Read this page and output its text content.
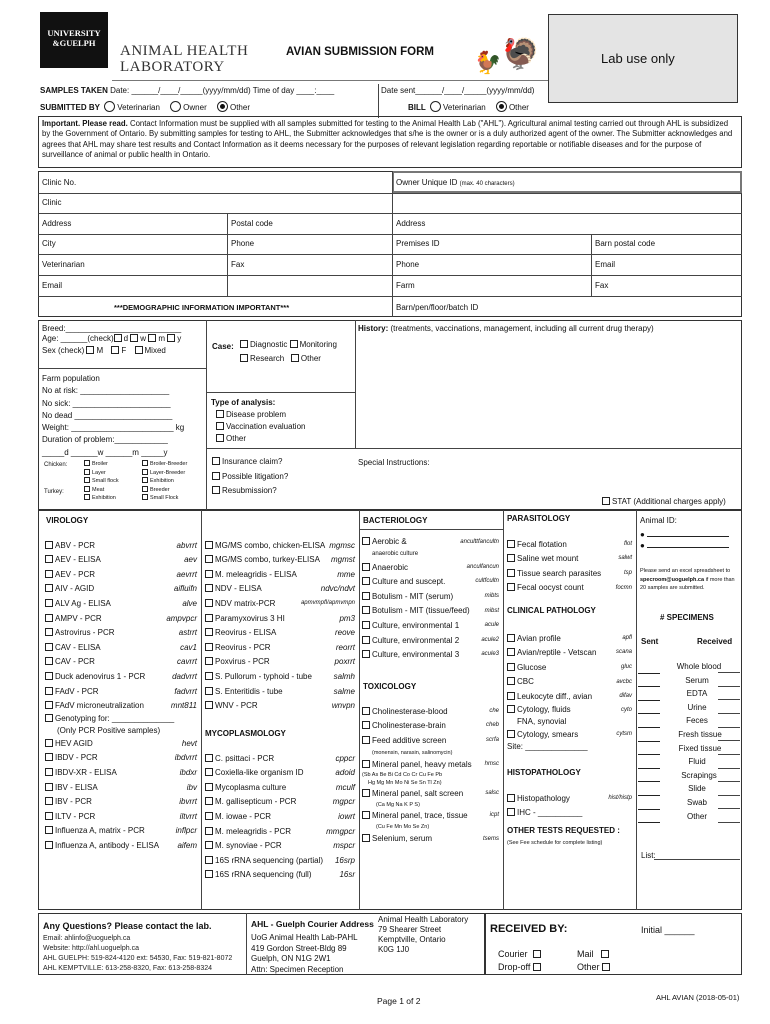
UNIVERSITY
&GUELPH	ANIMAL HEALTH
LABORATORY
AVIAN SUBMISSION FORM 🐓 🦃	Lab use only
SAMPLES TAKEN Date: ______/____/_____(yyyy/mm/dd) Time of day ____:____	Date sent______/____/_____(yyyy/mm/dd)
SUBMITTED BY Veterinarian	Owner	Other	BILL Veterinarian	Other
Important. Please read. Contact Information must be supplied with all samples submitted for testing to the Animal Health Lab ("AHL"). Agricultural animal testing carried out through AHL is subsidized by the Government of Ontario. By submitting samples for testing to AHL, the Submitter acknowledges that s/he is the owner or is a duly authorized agent of the owner. The Submitter acknowledges and agrees that AHL may share test results and Contact Information as it deems necessary for the purposes of relevant legislation regarding reportable or notifiable diseases and for the purpose of surveillance of animal or public health in Ontario.
Clinic No.	Owner Unique ID (max. 40 characters)
Clinic
Address	Postal code	Address
City	Phone	Premises ID	Barn postal code
Veterinarian	Fax	Phone	Email
Email	Farm	Fax
***DEMOGRAPHIC INFORMATION IMPORTANT***	Barn/pen/floor/batch ID
Breed:__________________________
Age: ______(check) d w m y
Sex (check) M F Mixed	Case:	Diagnostic Monitoring
Research Other
History: (treatments, vaccinations, management, including all current drug therapy)
Farm population
No at risk: ____________________
No sick: ______________________
No dead ______________________
Weight: _______________________ kg
Duration of problem:____________
_____d ______w ______m _____y
Type of analysis:
Disease problem
Vaccination evaluation
Other
Chicken:
Turkey:
Broiler
Layer
Small flock
Meat
Exhibition
Broiler-Breeder
Layer-Breeder
Exhibition
Breeder
Small Flock
Insurance claim?
Possible litigation?
Resubmission?
Special Instructions:
STAT (Additional charges apply)
VIROLOGY
ABV - PCR	abvrrt
AEV - ELISA	aev
AEV - PCR	aevrrt
AIV - AGID	aifluifn
ALV Ag - ELISA	alve
AMPV - PCR	ampvpcr
Astrovirus - PCR	astrrt
CAV - ELISA	cav1
CAV - PCR	cavrrt
Duck adenovirus 1 - PCR	dadvrrt
FAdV - PCR	fadvrrt
FAdV microneutralization	mnt811
Genotyping for: ______________
(Only PCR Positive samples)
HEV AGID	hevt
IBDV - PCR	ibdvrrt
IBDV-XR - ELISA	ibdxr
IBV - ELISA	ibv
IBV - PCR	ibvrrt
ILTV - PCR	iltvrrt
Influenza A, matrix - PCR	inflpcr
Influenza A, antibody - ELISA aifem
MG/MS combo, chicken-ELISA mgmsc
MG/MS combo, turkey-ELISA mgmst
M. meleagridis - ELISA	mme
NDV - ELISA	ndvc/ndvt
NDV matrix-PCR	apmvmpfl/apmvmpn
Paramyxovirus 3 HI	pm3
Reovirus - ELISA	reove
Reovirus - PCR	reorrt
Poxvirus - PCR	poxrrt
S. Pullorum - typhoid - tube	salmh
S. Enteritidis - tube	salme
WNV - PCR	wnvpn
MYCOPLASMOLOGY
C. psittaci - PCR	cppcr
Coxiella-like organism ID	adoid
Mycoplasma culture	mculf
M. gallisepticum - PCR	mgpcr
M. iowae - PCR	iowrt
M. meleagridis - PCR	mmgpcr
M. synoviae - PCR	mspcr
16S rRNA sequencing (partial) 16srp
16S rRNA sequencing (full)	16sr
BACTERIOLOGY
Aerobic &	anculttfancultn
anaerobic culture
Anaerobic	anculfancun
Culture and suscept.	cultfcultn
Botulism - MIT (serum)	mibts
Botulism - MIT (tissue/feed)	mibst
Culture, environmental 1	acule
Culture, environmental 2	acule2
Culture, environmental 3	acule3
TOXICOLOGY
Cholinesterase-blood	che
Cholinesterase-brain	cheb
Feed additive screen	scrfa
(monensin, narasin, salinomycin)
Mineral panel, heavy metals hmsc
(Sb As Be Bi Cd Co Cr Cu Fe Pb
Hg Mg Mn Mo Ni Se Sn Tl Zn)
Mineral panel, salt screen	salsc
(Ca Mg Na K P S)
Mineral panel, trace, tissue	icpt
(Cu Fe Mn Mo Se Zn)
Selenium, serum	tsems
PARASITOLOGY
Fecal flotation	flot
Saline wet mount	salwt
Tissue search parasites	tsp
Fecal oocyst count	focmn
CLINICAL PATHOLOGY
Avian profile	apfl
Avian/reptile - Vetscan	scana
Glucose	gluc
CBC	avcbc
Leukocyte diff., avian	difav
Cytology, fluids	cyto
FNA, synovial
Cytology, smears	cytsm
Site: ______________
HISTOPATHOLOGY
Histopathology	hist/histp
IHC - __________
OTHER TESTS REQUESTED :
(See Fee schedule for complete listing)
Animal ID:
●
●
Please send an excel spreadsheet to specroom@uoguelph.ca if more than 20 samples are submitted.
# SPECIMENS
Sent	Received
Whole blood
Serum
EDTA
Urine
Feces
Fresh tissue
Fixed tissue
Fluid
Scrapings
Slide
Swab
Other
List:
Any Questions? Please contact the lab.
Email: ahlinfo@uoguelph.ca
Website: http://ahl.uoguelph.ca
AHL GUELPH: 519-824-4120 ext: 54530, Fax: 519-821-8072
AHL KEMPTVILLE: 613-258-8320, Fax: 613-258-8324
AHL - Guelph Courier Address
UoG Animal Health Lab-PAHL
419 Gordon Street-Bldg 89
Guelph, ON N1G 2W1
Attn: Specimen Reception
Animal Health Laboratory
79 Shearer Street
Kemptville, Ontario
K0G 1J0
RECEIVED BY:	Initial ______
Courier
Drop-off
Mail
Other
Page 1 of 2	AHL AVIAN (2018-05-01)
